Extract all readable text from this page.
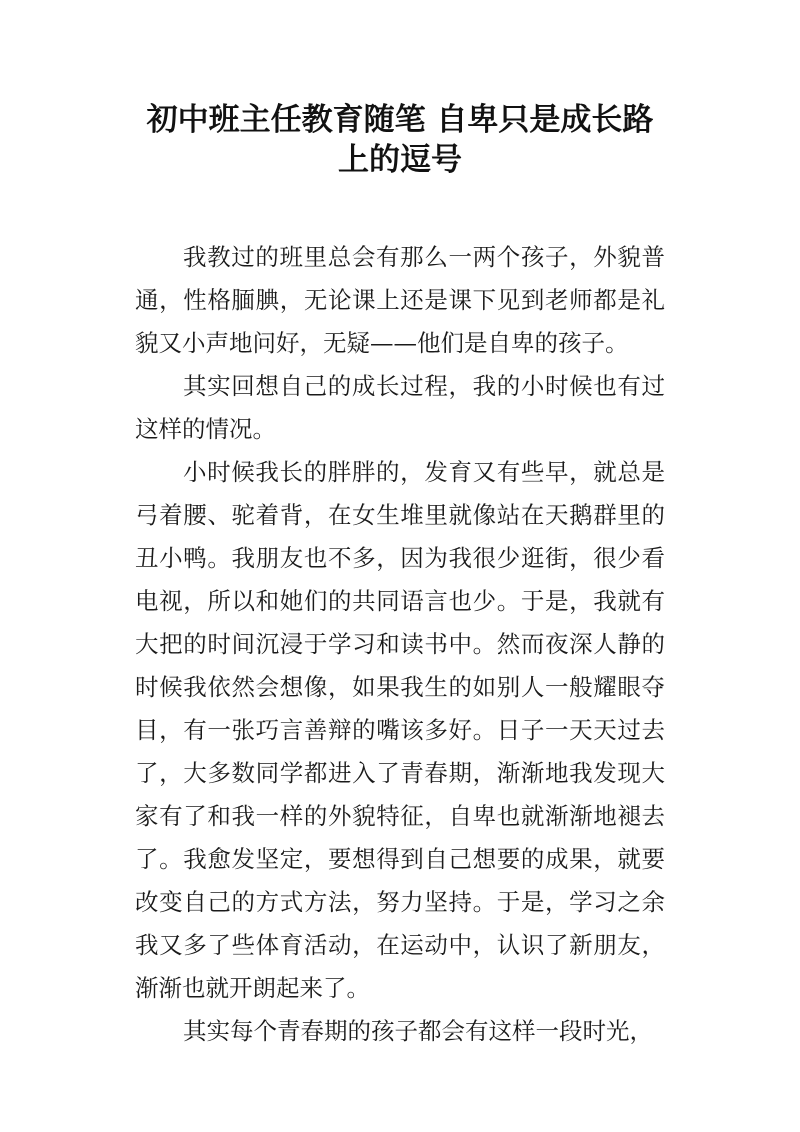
初中班主任教育随笔 自卑只是成长路
上的逗号
我教过的班里总会有那么一两个孩子，外貌普
通，性格腼腆，无论课上还是课下见到老师都是礼
貌又小声地问好，无疑——他们是自卑的孩子。
其实回想自己的成长过程，我的小时候也有过
这样的情况。
小时候我长的胖胖的，发育又有些早，就总是
弓着腰、驼着背，在女生堆里就像站在天鹅群里的
丑小鸭。我朋友也不多，因为我很少逛街，很少看
电视，所以和她们的共同语言也少。于是，我就有
大把的时间沉浸于学习和读书中。然而夜深人静的
时候我依然会想像，如果我生的如别人一般耀眼夺
目，有一张巧言善辩的嘴该多好。日子一天天过去
了，大多数同学都进入了青春期，渐渐地我发现大
家有了和我一样的外貌特征，自卑也就渐渐地褪去
了。我愈发坚定，要想得到自己想要的成果，就要
改变自己的方式方法，努力坚持。于是，学习之余
我又多了些体育活动，在运动中，认识了新朋友，
渐渐也就开朗起来了。
其实每个青春期的孩子都会有这样一段时光，
